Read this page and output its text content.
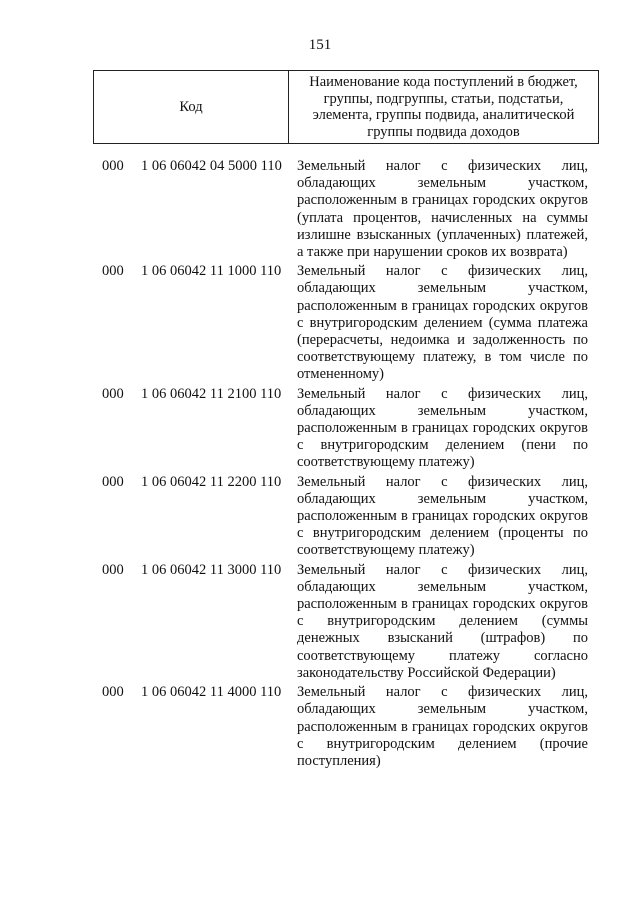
151
Код
Наименование кода поступлений в бюджет, группы, подгруппы, статьи, подстатьи, элемента, группы подвида, аналитической группы подвида доходов
000	1 06 06042 04 5000 110	Земельный налог с физических лиц,
обладающих земельным участком,
расположенным в границах городских округов
(уплата процентов, начисленных на суммы
излишне взысканных (уплаченных) платежей,
а также при нарушении сроков их возврата)
000	1 06 06042 11 1000 110	Земельный налог с физических лиц,
обладающих земельным участком,
расположенным в границах городских округов
с внутригородским делением (сумма платежа
(перерасчеты, недоимка и задолженность по
соответствующему платежу, в том числе по
отмененному)
000	1 06 06042 11 2100 110	Земельный налог с физических лиц,
обладающих земельным участком,
расположенным в границах городских округов
с внутригородским делением (пени по
соответствующему платежу)
000	1 06 06042 11 2200 110	Земельный налог с физических лиц,
обладающих земельным участком,
расположенным в границах городских округов
с внутригородским делением (проценты по
соответствующему платежу)
000	1 06 06042 11 3000 110	Земельный налог с физических лиц,
обладающих земельным участком,
расположенным в границах городских округов
с внутригородским делением (суммы
денежных взысканий (штрафов) по
соответствующему платежу согласно
законодательству Российской Федерации)
000	1 06 06042 11 4000 110	Земельный налог с физических лиц,
обладающих земельным участком,
расположенным в границах городских округов
с внутригородским делением (прочие
поступления)
